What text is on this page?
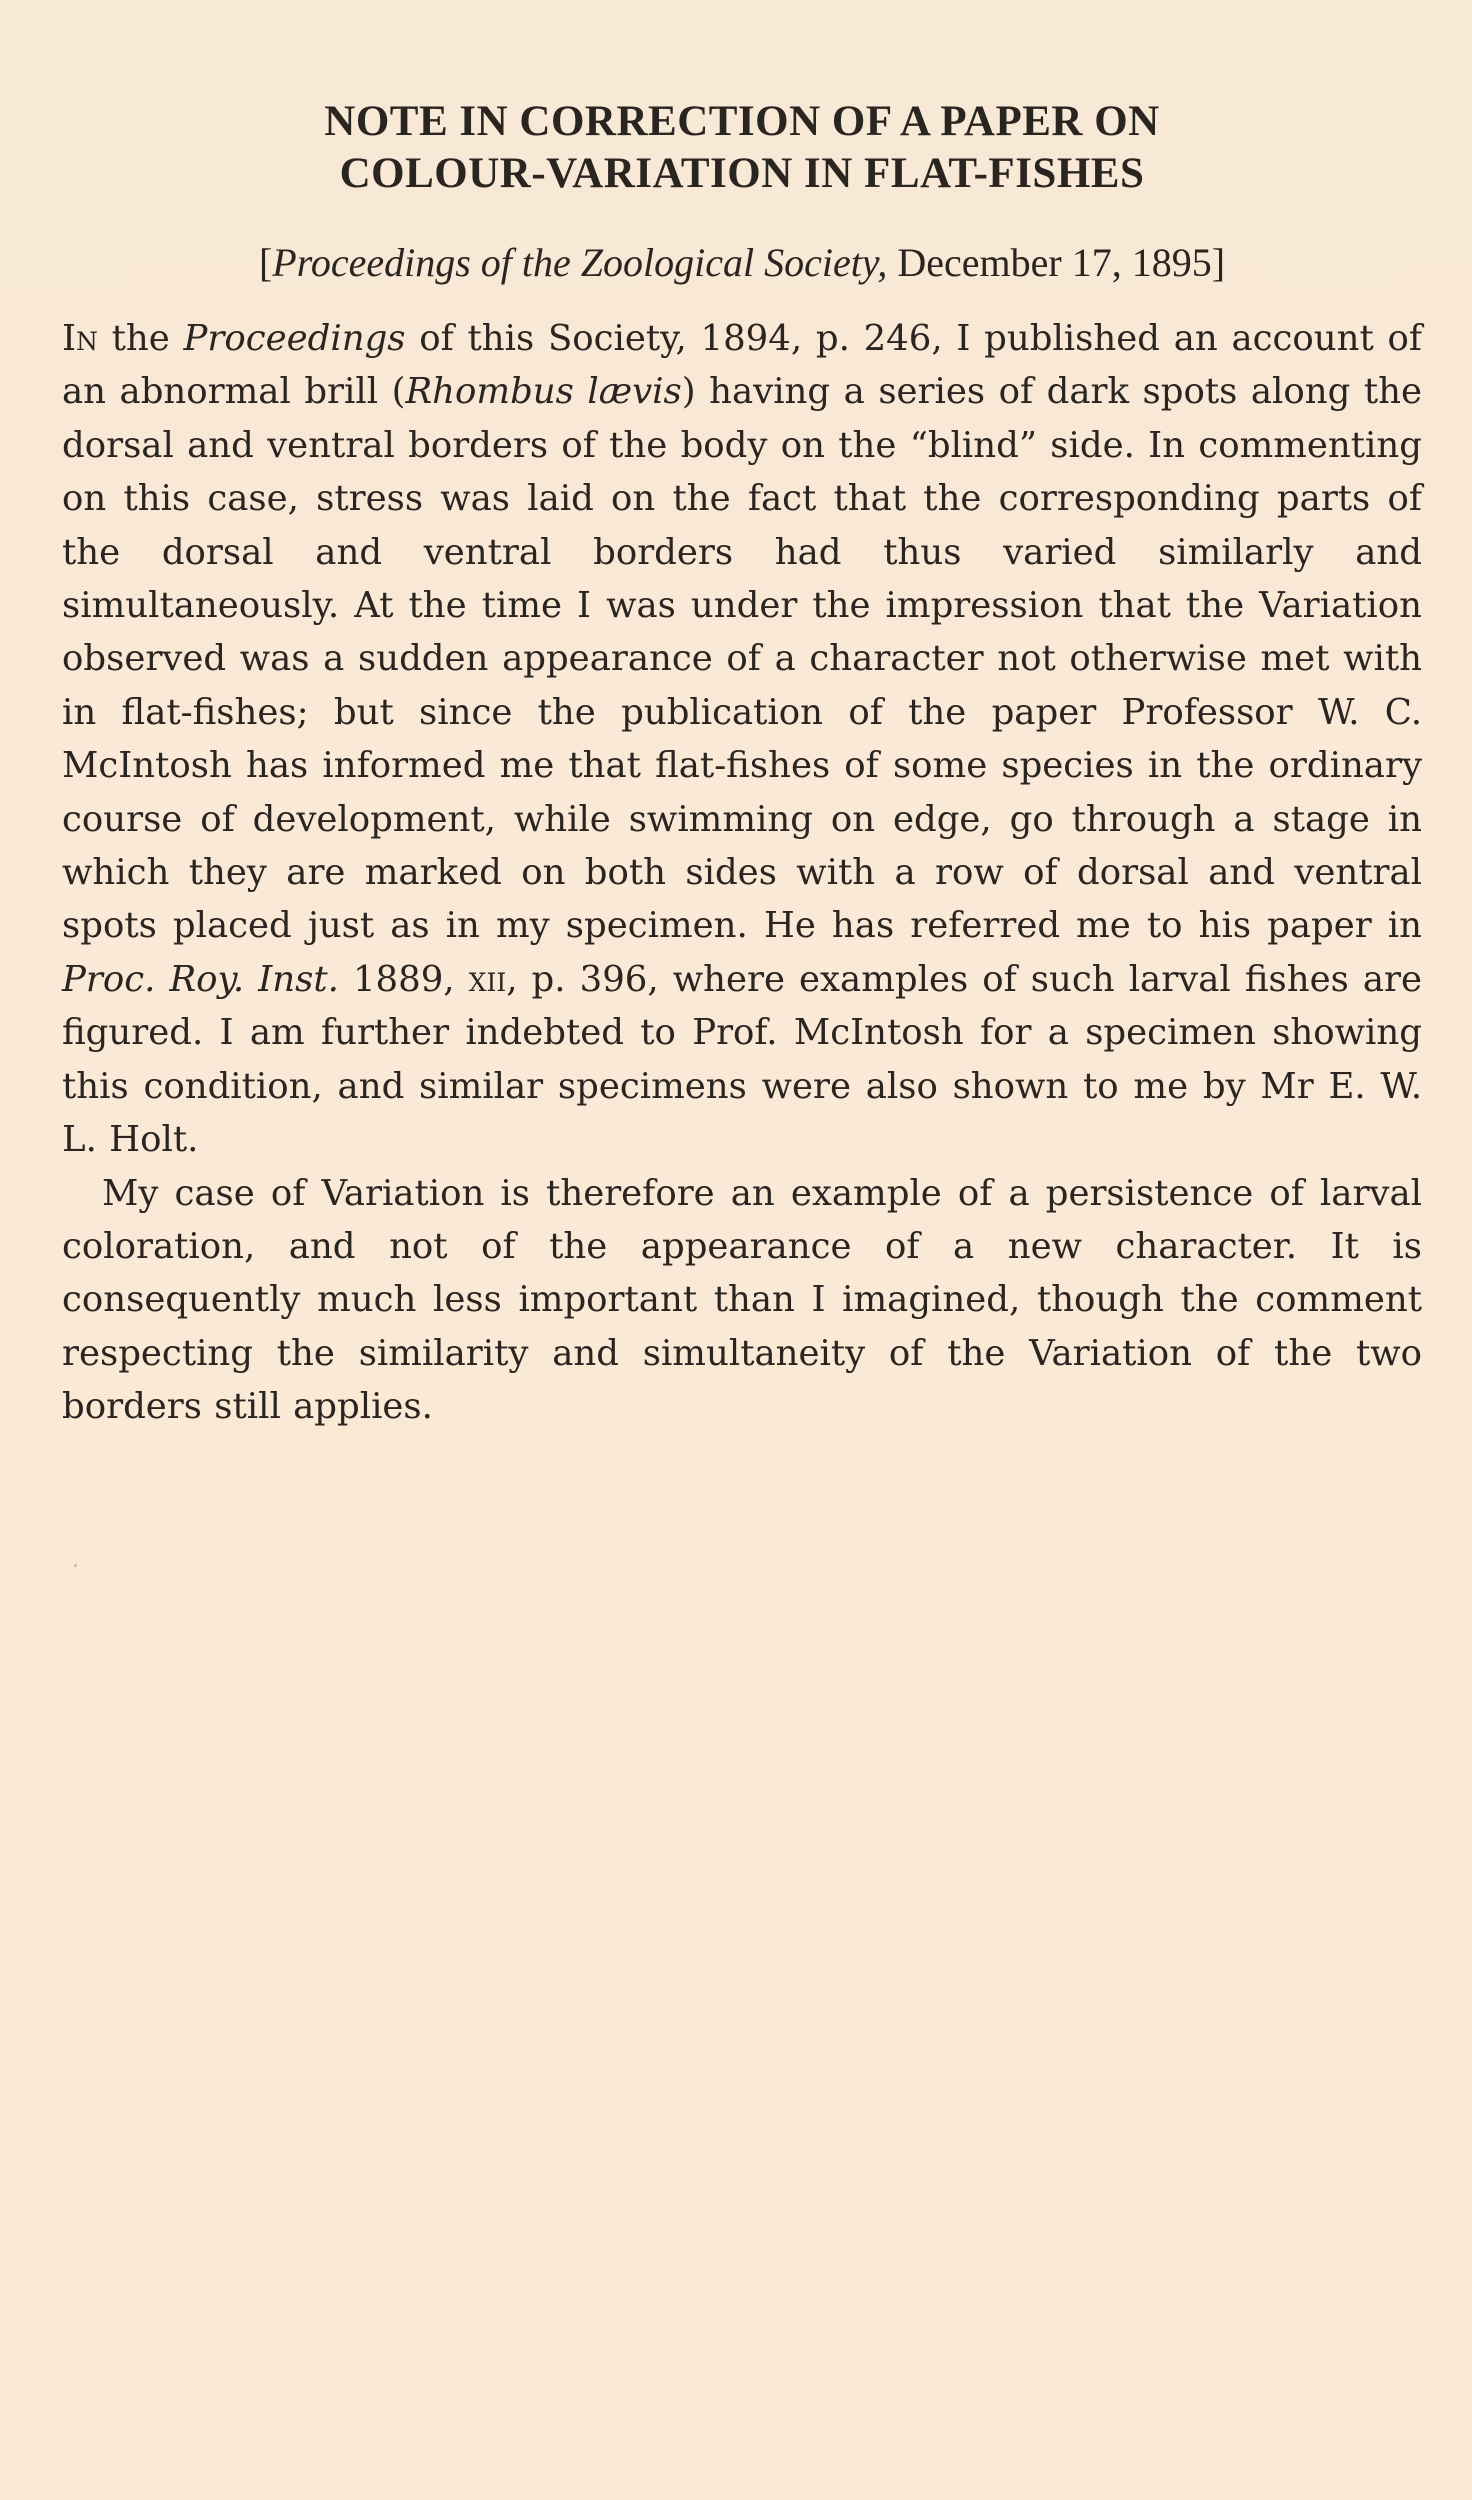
NOTE IN CORRECTION OF A PAPER ON
COLOUR-VARIATION IN FLAT-FISHES
[Proceedings of the Zoological Society, December 17, 1895]

In the Proceedings of this Society, 1894, p. 246, I published an account of an abnormal brill (Rhombus lævis) having a series of dark spots along the dorsal and ventral borders of the body on the “blind” side. In commenting on this case, stress was laid on the fact that the corresponding parts of the dorsal and ventral borders had thus varied similarly and simultaneously. At the time I was under the impression that the Variation observed was a sudden appearance of a character not otherwise met with in flat-fishes; but since the publication of the paper Professor W. C. McIntosh has informed me that flat-fishes of some species in the ordinary course of development, while swimming on edge, go through a stage in which they are marked on both sides with a row of dorsal and ventral spots placed just as in my specimen. He has referred me to his paper in Proc. Roy. Inst. 1889, xii, p. 396, where examples of such larval fishes are figured. I am further indebted to Prof. McIntosh for a specimen showing this condition, and similar specimens were also shown to me by Mr E. W. L. Holt.

My case of Variation is therefore an example of a persistence of larval coloration, and not of the appearance of a new character. It is consequently much less important than I imagined, though the comment respecting the similarity and simultaneity of the Variation of the two borders still applies.
